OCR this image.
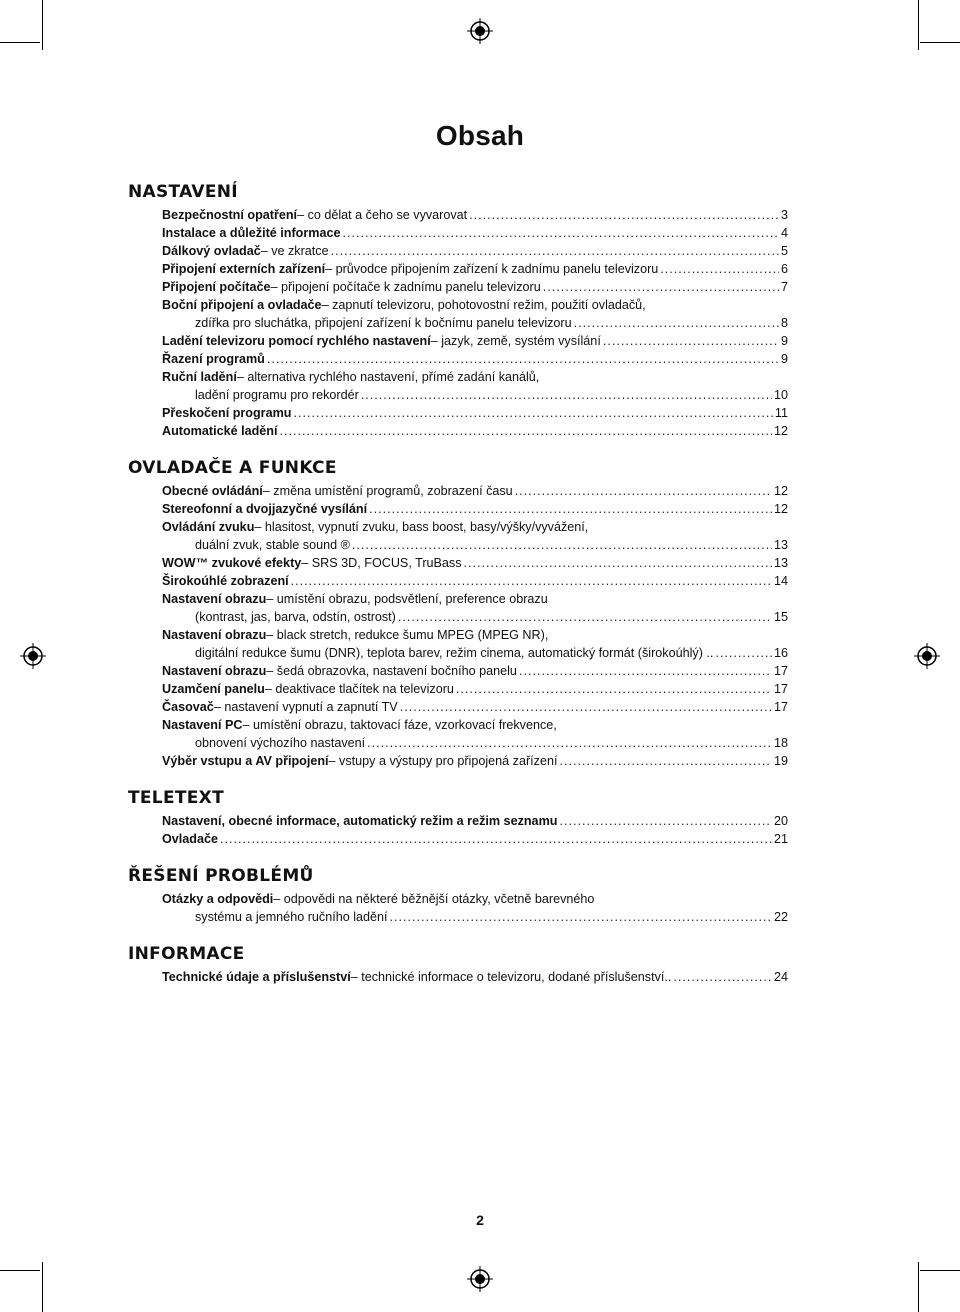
Obsah
NASTAVENÍ
Bezpečnostní opatření – co dělat a čeho se vyvarovat .....	3
Instalace a důležité informace .....	4
Dálkový ovladač – ve zkratce .....	5
Připojení externích zařízení – průvodce připojením zařízení k zadnímu panelu televizoru .....	6
Připojení počítače – připojení počítače k zadnímu panelu televizoru .....	7
Boční připojení a ovladače – zapnutí televizoru, pohotovostní režim, použití ovladačů,
zdířka pro sluchátka, připojení zařízení k bočnímu panelu televizoru .....	8
Ladění televizoru pomocí rychlého nastavení – jazyk, země, systém vysílání .....	9
Řazení programů .....	9
Ruční ladění – alternativa rychlého nastavení, přímé zadání kanálů,
ladění programu pro rekordér .....	10
Přeskočení programu .....	11
Automatické ladění .....	12
OVLADAČE A FUNKCE
Obecné ovládání – změna umístění programů, zobrazení času .....	12
Stereofonní a dvojjazyčné vysílání .....	12
Ovládání zvuku – hlasitost, vypnutí zvuku, bass boost, basy/výšky/vyvážení,
duální zvuk, stable sound ® .....	13
WOW™ zvukové efekty – SRS 3D, FOCUS, TruBass .....	13
Širokoúhlé zobrazení .....	14
Nastavení obrazu – umístění obrazu, podsvětlení, preference obrazu
(kontrast, jas, barva, odstín, ostrost) .....	15
Nastavení obrazu – black stretch, redukce šumu MPEG (MPEG NR),
digitální redukce šumu (DNR), teplota barev, režim cinema, automatický formát (širokoúhlý) .. .....	16
Nastavení obrazu – šedá obrazovka, nastavení bočního panelu .....	17
Uzamčení panelu – deaktivace tlačítek na televizoru .....	17
Časovač – nastavení vypnutí a zapnutí TV .....	17
Nastavení PC – umístění obrazu, taktovací fáze, vzorkovací frekvence,
obnovení výchozího nastavení .....	18
Výběr vstupu a AV připojení – vstupy a výstupy pro připojená zařízení .....	19
TELETEXT
Nastavení, obecné informace, automatický režim a režim seznamu .....	20
Ovladače .....	21
ŘEŠENÍ PROBLÉMŮ
Otázky a odpovědi – odpovědi na některé běžnější otázky, včetně barevného
systému a jemného ručního ladění .....	22
INFORMACE
Technické údaje a příslušenství – technické informace o televizoru, dodané příslušenství.. .....	24
2
